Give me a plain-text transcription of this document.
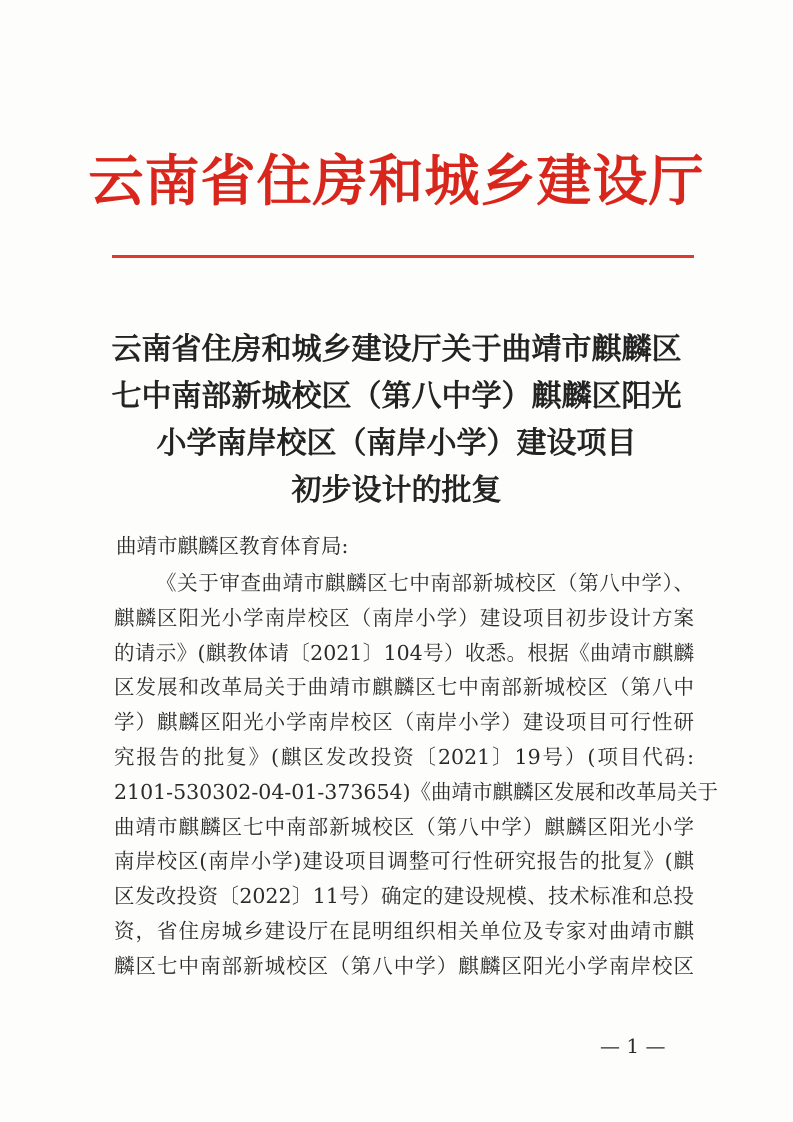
云南省住房和城乡建设厅
云南省住房和城乡建设厅关于曲靖市麒麟区
七中南部新城校区（第八中学）麒麟区阳光
小学南岸校区（南岸小学）建设项目
初步设计的批复
曲靖市麒麟区教育体育局:
《关于审查曲靖市麒麟区七中南部新城校区（第八中学）、
麒麟区阳光小学南岸校区（南岸小学）建设项目初步设计方案
的请示》(麒教体请〔2021〕104号）收悉。根据《曲靖市麒麟
区发展和改革局关于曲靖市麒麟区七中南部新城校区（第八中
学）麒麟区阳光小学南岸校区（南岸小学）建设项目可行性研
究报告的批复》(麒区发改投资〔2021〕19号）(项目代码:
2101-530302-04-01-373654)《曲靖市麒麟区发展和改革局关于
曲靖市麒麟区七中南部新城校区（第八中学）麒麟区阳光小学
南岸校区(南岸小学)建设项目调整可行性研究报告的批复》(麒
区发改投资〔2022〕11号）确定的建设规模、技术标准和总投
资，省住房城乡建设厅在昆明组织相关单位及专家对曲靖市麒
麟区七中南部新城校区（第八中学）麒麟区阳光小学南岸校区
— 1 —
